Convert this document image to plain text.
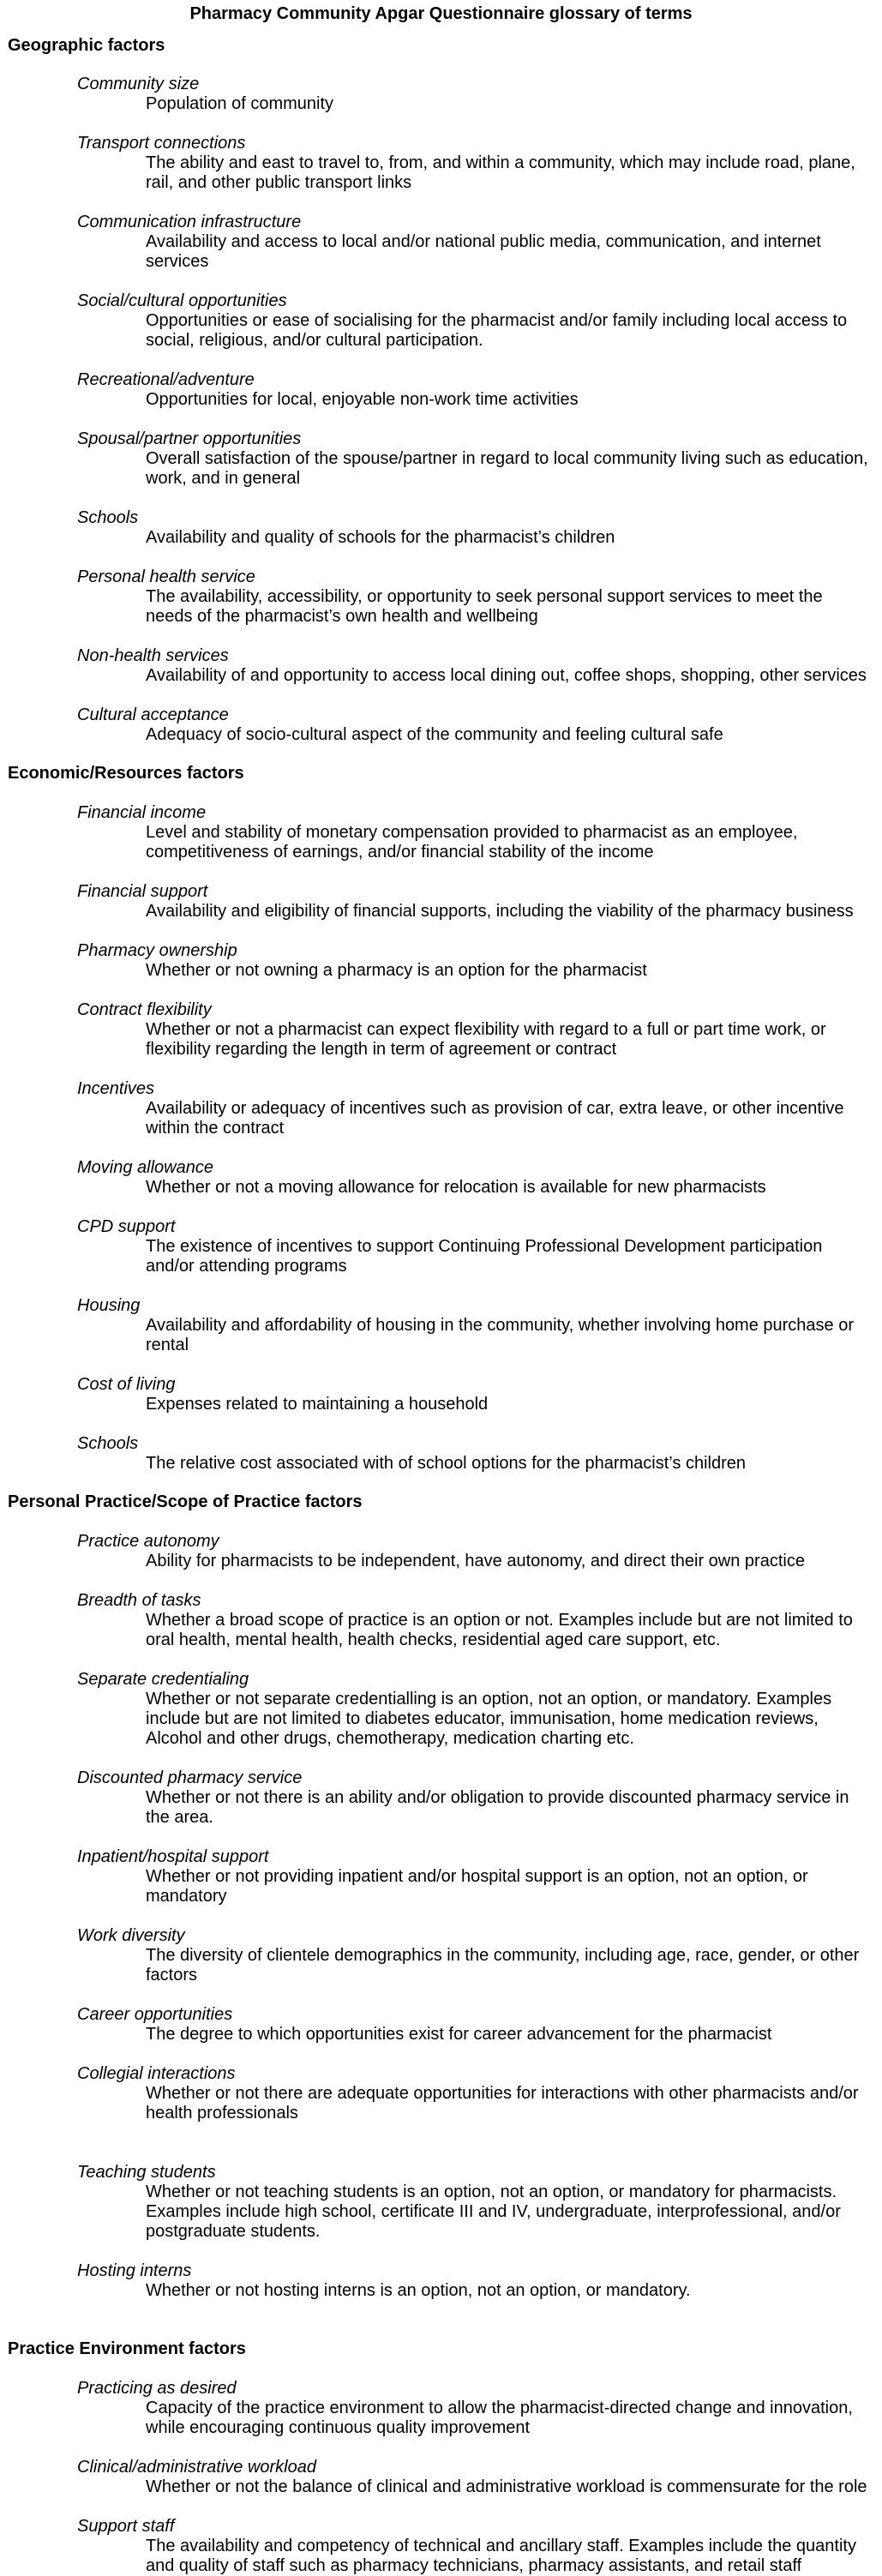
Pharmacy Community Apgar Questionnaire glossary of terms
Geographic factors
Community size
Population of community
Transport connections
The ability and east to travel to, from, and within a community, which may include road, plane, rail, and other public transport links
Communication infrastructure
Availability and access to local and/or national public media, communication, and internet services
Social/cultural opportunities
Opportunities or ease of socialising for the pharmacist and/or family including local access to social, religious, and/or cultural participation.
Recreational/adventure
Opportunities for local, enjoyable non-work time activities
Spousal/partner opportunities
Overall satisfaction of the spouse/partner in regard to local community living such as education, work, and in general
Schools
Availability and quality of schools for the pharmacist’s children
Personal health service
The availability, accessibility, or opportunity to seek personal support services to meet the needs of the pharmacist’s own health and wellbeing
Non-health services
Availability of and opportunity to access local dining out, coffee shops, shopping, other services
Cultural acceptance
Adequacy of socio-cultural aspect of the community and feeling cultural safe
Economic/Resources factors
Financial income
Level and stability of monetary compensation provided to pharmacist as an employee, competitiveness of earnings, and/or financial stability of the income
Financial support
Availability and eligibility of financial supports, including the viability of the pharmacy business
Pharmacy ownership
Whether or not owning a pharmacy is an option for the pharmacist
Contract flexibility
Whether or not a pharmacist can expect flexibility with regard to a full or part time work, or flexibility regarding the length in term of agreement or contract
Incentives
Availability or adequacy of incentives such as provision of car, extra leave, or other incentive within the contract
Moving allowance
Whether or not a moving allowance for relocation is available for new pharmacists
CPD support
The existence of incentives to support Continuing Professional Development participation and/or attending programs
Housing
Availability and affordability of housing in the community, whether involving home purchase or rental
Cost of living
Expenses related to maintaining a household
Schools
The relative cost associated with of school options for the pharmacist’s children
Personal Practice/Scope of Practice factors
Practice autonomy
Ability for pharmacists to be independent, have autonomy, and direct their own practice
Breadth of tasks
Whether a broad scope of practice is an option or not. Examples include but are not limited to oral health, mental health, health checks, residential aged care support, etc.
Separate credentialing
Whether or not separate credentialling is an option, not an option, or mandatory. Examples include but are not limited to diabetes educator, immunisation, home medication reviews, Alcohol and other drugs, chemotherapy, medication charting etc.
Discounted pharmacy service
Whether or not there is an ability and/or obligation to provide discounted pharmacy service in the area.
Inpatient/hospital support
Whether or not providing inpatient and/or hospital support is an option, not an option, or mandatory
Work diversity
The diversity of clientele demographics in the community, including age, race, gender, or other factors
Career opportunities
The degree to which opportunities exist for career advancement for the pharmacist
Collegial interactions
Whether or not there are adequate opportunities for interactions with other pharmacists and/or health professionals
Teaching students
Whether or not teaching students is an option, not an option, or mandatory for pharmacists. Examples include high school, certificate III and IV, undergraduate, interprofessional, and/or postgraduate students.
Hosting interns
Whether or not hosting interns is an option, not an option, or mandatory.
Practice Environment factors
Practicing as desired
Capacity of the practice environment to allow the pharmacist-directed change and innovation, while encouraging continuous quality improvement
Clinical/administrative workload
Whether or not the balance of clinical and administrative workload is commensurate for the role
Support staff
The availability and competency of technical and ancillary staff. Examples include the quantity and quality of staff such as pharmacy technicians, pharmacy assistants, and retail staff
